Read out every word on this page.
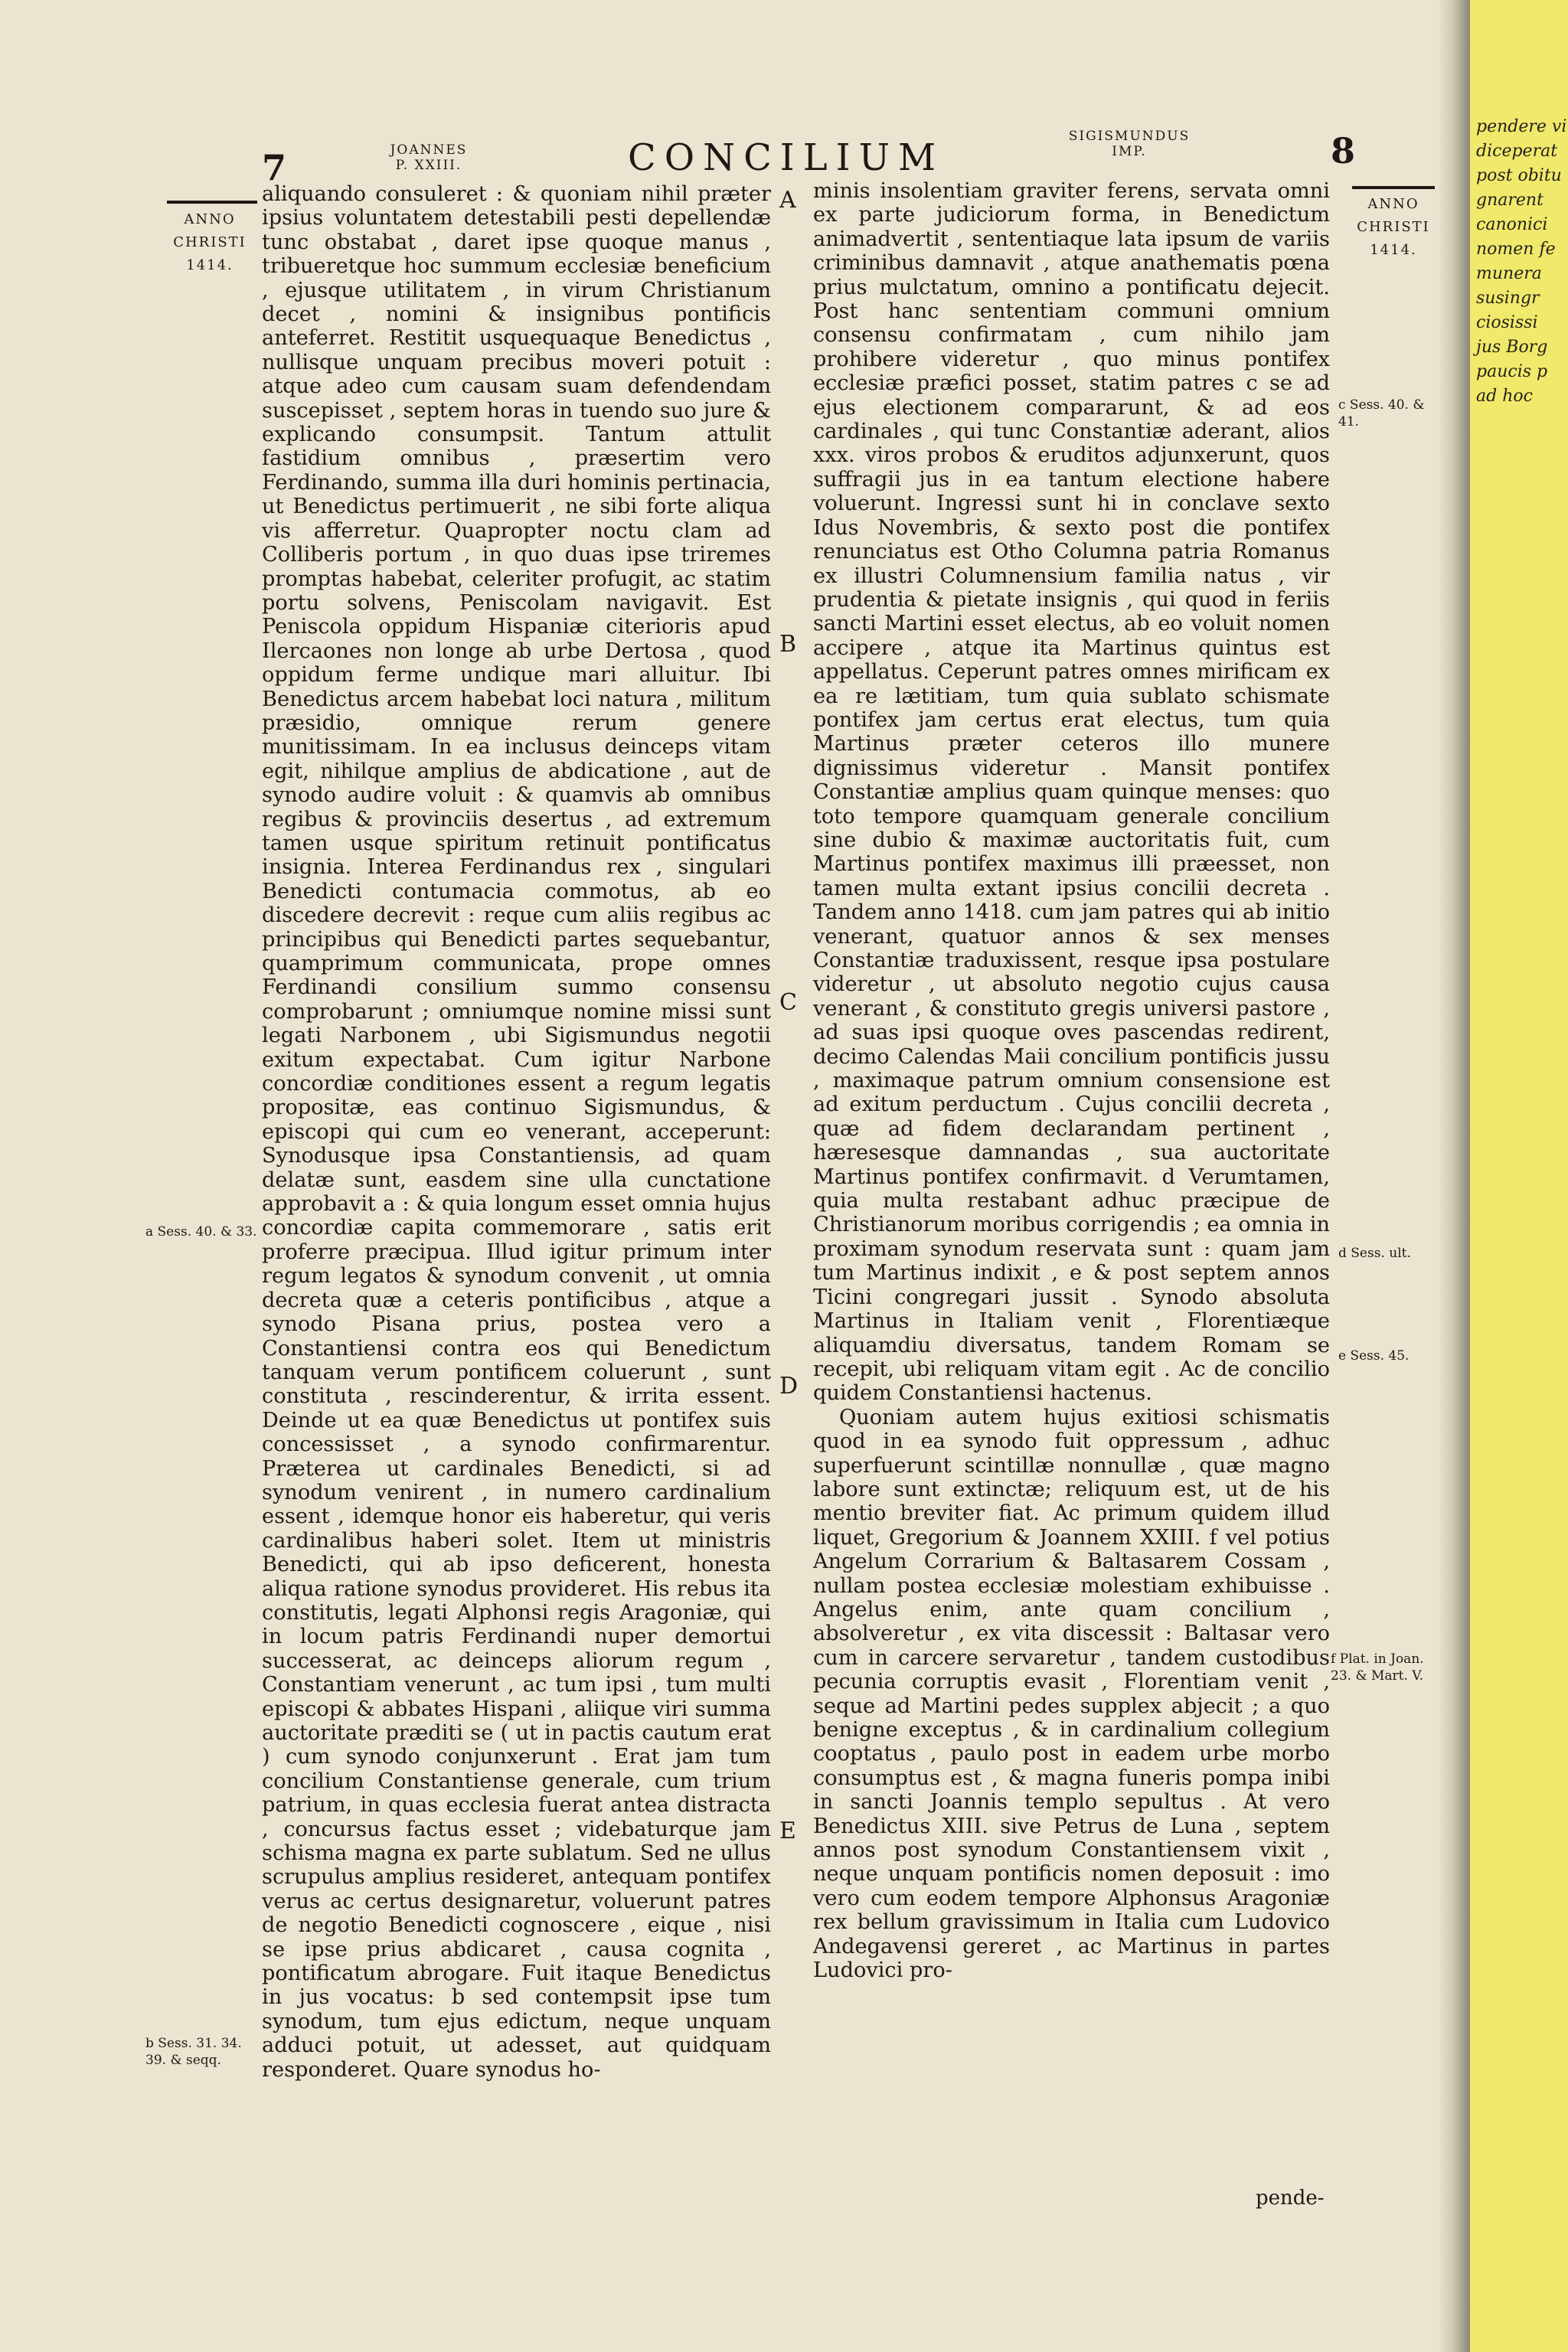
7	JOANNES
P. XXIII.	CONCILIUM	SIGISMUNDUS
IMP.	8
ANNO
CHRISTI
1414.
ANNO
CHRISTI
1414.

aliquando consuleret : & quoniam nihil præter ipsius voluntatem detestabili pesti depellendæ tunc obstabat , daret ipse quoque manus , tribueretque hoc summum ecclesiæ beneficium , ejusque utilitatem , in virum Christianum decet , nomini & insignibus pontificis anteferret. Restitit usquequaque Benedictus , nullisque unquam precibus moveri potuit : atque adeo cum causam suam defendendam suscepisset , septem horas in tuendo suo jure & explicando consumpsit. Tantum attulit fastidium omnibus , præsertim vero Ferdinando, summa illa duri hominis pertinacia, ut Benedictus pertimuerit , ne sibi forte aliqua vis afferretur. Quapropter noctu clam ad Colliberis portum , in quo duas ipse triremes promptas habebat, celeriter profugit, ac statim portu solvens, Peniscolam navigavit. Est Peniscola oppidum Hispaniæ citerioris apud Ilercaones non longe ab urbe Dertosa , quod oppidum ferme undique mari alluitur. Ibi Benedictus arcem habebat loci natura , militum præsidio, omnique rerum genere munitissimam. In ea inclusus deinceps vitam egit, nihilque amplius de abdicatione , aut de synodo audire voluit : & quamvis ab omnibus regibus & provinciis desertus , ad extremum tamen usque spiritum retinuit pontificatus insignia. Interea Ferdinandus rex , singulari Benedicti contumacia commotus, ab eo discedere decrevit : reque cum aliis regibus ac principibus qui Benedicti partes sequebantur, quamprimum communicata, prope omnes Ferdinandi consilium summo consensu comprobarunt ; omniumque nomine missi sunt legati Narbonem , ubi Sigismundus negotii exitum expectabat. Cum igitur Narbone concordiæ conditiones essent a regum legatis propositæ, eas continuo Sigismundus, & episcopi qui cum eo venerant, acceperunt: Synodusque ipsa Constantiensis, ad quam delatæ sunt, easdem sine ulla cunctatione approbavit a : & quia longum esset omnia hujus concordiæ capita commemorare , satis erit proferre præcipua. Illud igitur primum inter regum legatos & synodum convenit , ut omnia decreta quæ a ceteris pontificibus , atque a synodo Pisana prius, postea vero a Constantiensi contra eos qui Benedictum tanquam verum pontificem coluerunt , sunt constituta , rescinderentur, & irrita essent. Deinde ut ea quæ Benedictus ut pontifex suis concessisset , a synodo confirmarentur. Præterea ut cardinales Benedicti, si ad synodum venirent , in numero cardinalium essent , idemque honor eis haberetur, qui veris cardinalibus haberi solet. Item ut ministris Benedicti, qui ab ipso deficerent, honesta aliqua ratione synodus provideret. His rebus ita constitutis, legati Alphonsi regis Aragoniæ, qui in locum patris Ferdinandi nuper demortui successerat, ac deinceps aliorum regum , Constantiam venerunt , ac tum ipsi , tum multi episcopi & abbates Hispani , aliique viri summa auctoritate præditi se ( ut in pactis cautum erat ) cum synodo conjunxerunt . Erat jam tum concilium Constantiense generale, cum trium patrium, in quas ecclesia fuerat antea distracta , concursus factus esset ; videbaturque jam schisma magna ex parte sublatum. Sed ne ullus scrupulus amplius resideret, antequam pontifex verus ac certus designaretur, voluerunt patres de negotio Benedicti cognoscere , eique , nisi se ipse prius abdicaret , causa cognita , pontificatum abrogare. Fuit itaque Benedictus in jus vocatus: b sed contempsit ipse tum synodum, tum ejus edictum, neque unquam adduci potuit, ut adesset, aut quidquam responderet. Quare synodus ho-

minis insolentiam graviter ferens, servata omni ex parte judiciorum forma, in Benedictum animadvertit , sententiaque lata ipsum de variis criminibus damnavit , atque anathematis pœna prius mulctatum, omnino a pontificatu dejecit. Post hanc sententiam communi omnium consensu confirmatam , cum nihilo jam prohibere videretur , quo minus pontifex ecclesiæ præfici posset, statim patres c se ad ejus electionem compararunt, & ad eos cardinales , qui tunc Constantiæ aderant, alios xxx. viros probos & eruditos adjunxerunt, quos suffragii jus in ea tantum electione habere voluerunt. Ingressi sunt hi in conclave sexto Idus Novembris, & sexto post die pontifex renunciatus est Otho Columna patria Romanus ex illustri Columnensium familia natus , vir prudentia & pietate insignis , qui quod in feriis sancti Martini esset electus, ab eo voluit nomen accipere , atque ita Martinus quintus est appellatus. Ceperunt patres omnes mirificam ex ea re lætitiam, tum quia sublato schismate pontifex jam certus erat electus, tum quia Martinus præter ceteros illo munere dignissimus videretur . Mansit pontifex Constantiæ amplius quam quinque menses: quo toto tempore quamquam generale concilium sine dubio & maximæ auctoritatis fuit, cum Martinus pontifex maximus illi præesset, non tamen multa extant ipsius concilii decreta . Tandem anno 1418. cum jam patres qui ab initio venerant, quatuor annos & sex menses Constantiæ traduxissent, resque ipsa postulare videretur , ut absoluto negotio cujus causa venerant , & constituto gregis universi pastore , ad suas ipsi quoque oves pascendas redirent, decimo Calendas Maii concilium pontificis jussu , maximaque patrum omnium consensione est ad exitum perductum . Cujus concilii decreta , quæ ad fidem declarandam pertinent , hæresesque damnandas , sua auctoritate Martinus pontifex confirmavit. d Verumtamen, quia multa restabant adhuc præcipue de Christianorum moribus corrigendis ; ea omnia in proximam synodum reservata sunt : quam jam tum Martinus indixit , e & post septem annos Ticini congregari jussit . Synodo absoluta Martinus in Italiam venit , Florentiæque aliquamdiu diversatus, tandem Romam se recepit, ubi reliquam vitam egit . Ac de concilio quidem Constantiensi hactenus.

Quoniam autem hujus exitiosi schismatis quod in ea synodo fuit oppressum , adhuc superfuerunt scintillæ nonnullæ , quæ magno labore sunt extinctæ; reliquum est, ut de his mentio breviter fiat. Ac primum quidem illud liquet, Gregorium & Joannem XXIII. f vel potius Angelum Corrarium & Baltasarem Cossam , nullam postea ecclesiæ molestiam exhibuisse . Angelus enim, ante quam concilium , absolveretur , ex vita discessit : Baltasar vero cum in carcere servaretur , tandem custodibus pecunia corruptis evasit , Florentiam venit , seque ad Martini pedes supplex abjecit ; a quo benigne exceptus , & in cardinalium collegium cooptatus , paulo post in eadem urbe morbo consumptus est , & magna funeris pompa inibi in sancti Joannis templo sepultus . At vero Benedictus XIII. sive Petrus de Luna , septem annos post synodum Constantiensem vixit , neque unquam pontificis nomen deposuit : imo vero cum eodem tempore Alphonsus Aragoniæ rex bellum gravissimum in Italia cum Ludovico Andegavensi gereret , ac Martinus in partes Ludovici pro-

A
B
C
D
E
a Sess. 40. & 33.
b Sess. 31. 34. 39. & seqq.
c Sess. 40. & 41.
d Sess. ult.
e Sess. 45.
f Plat. in Joan. 23. & Mart. V.
pende-
pendere vi
diceperat
post obitu
gnarent
canonici
nomen fe
munera
susingr
ciosissi
jus Borg
paucis p
ad hoc
